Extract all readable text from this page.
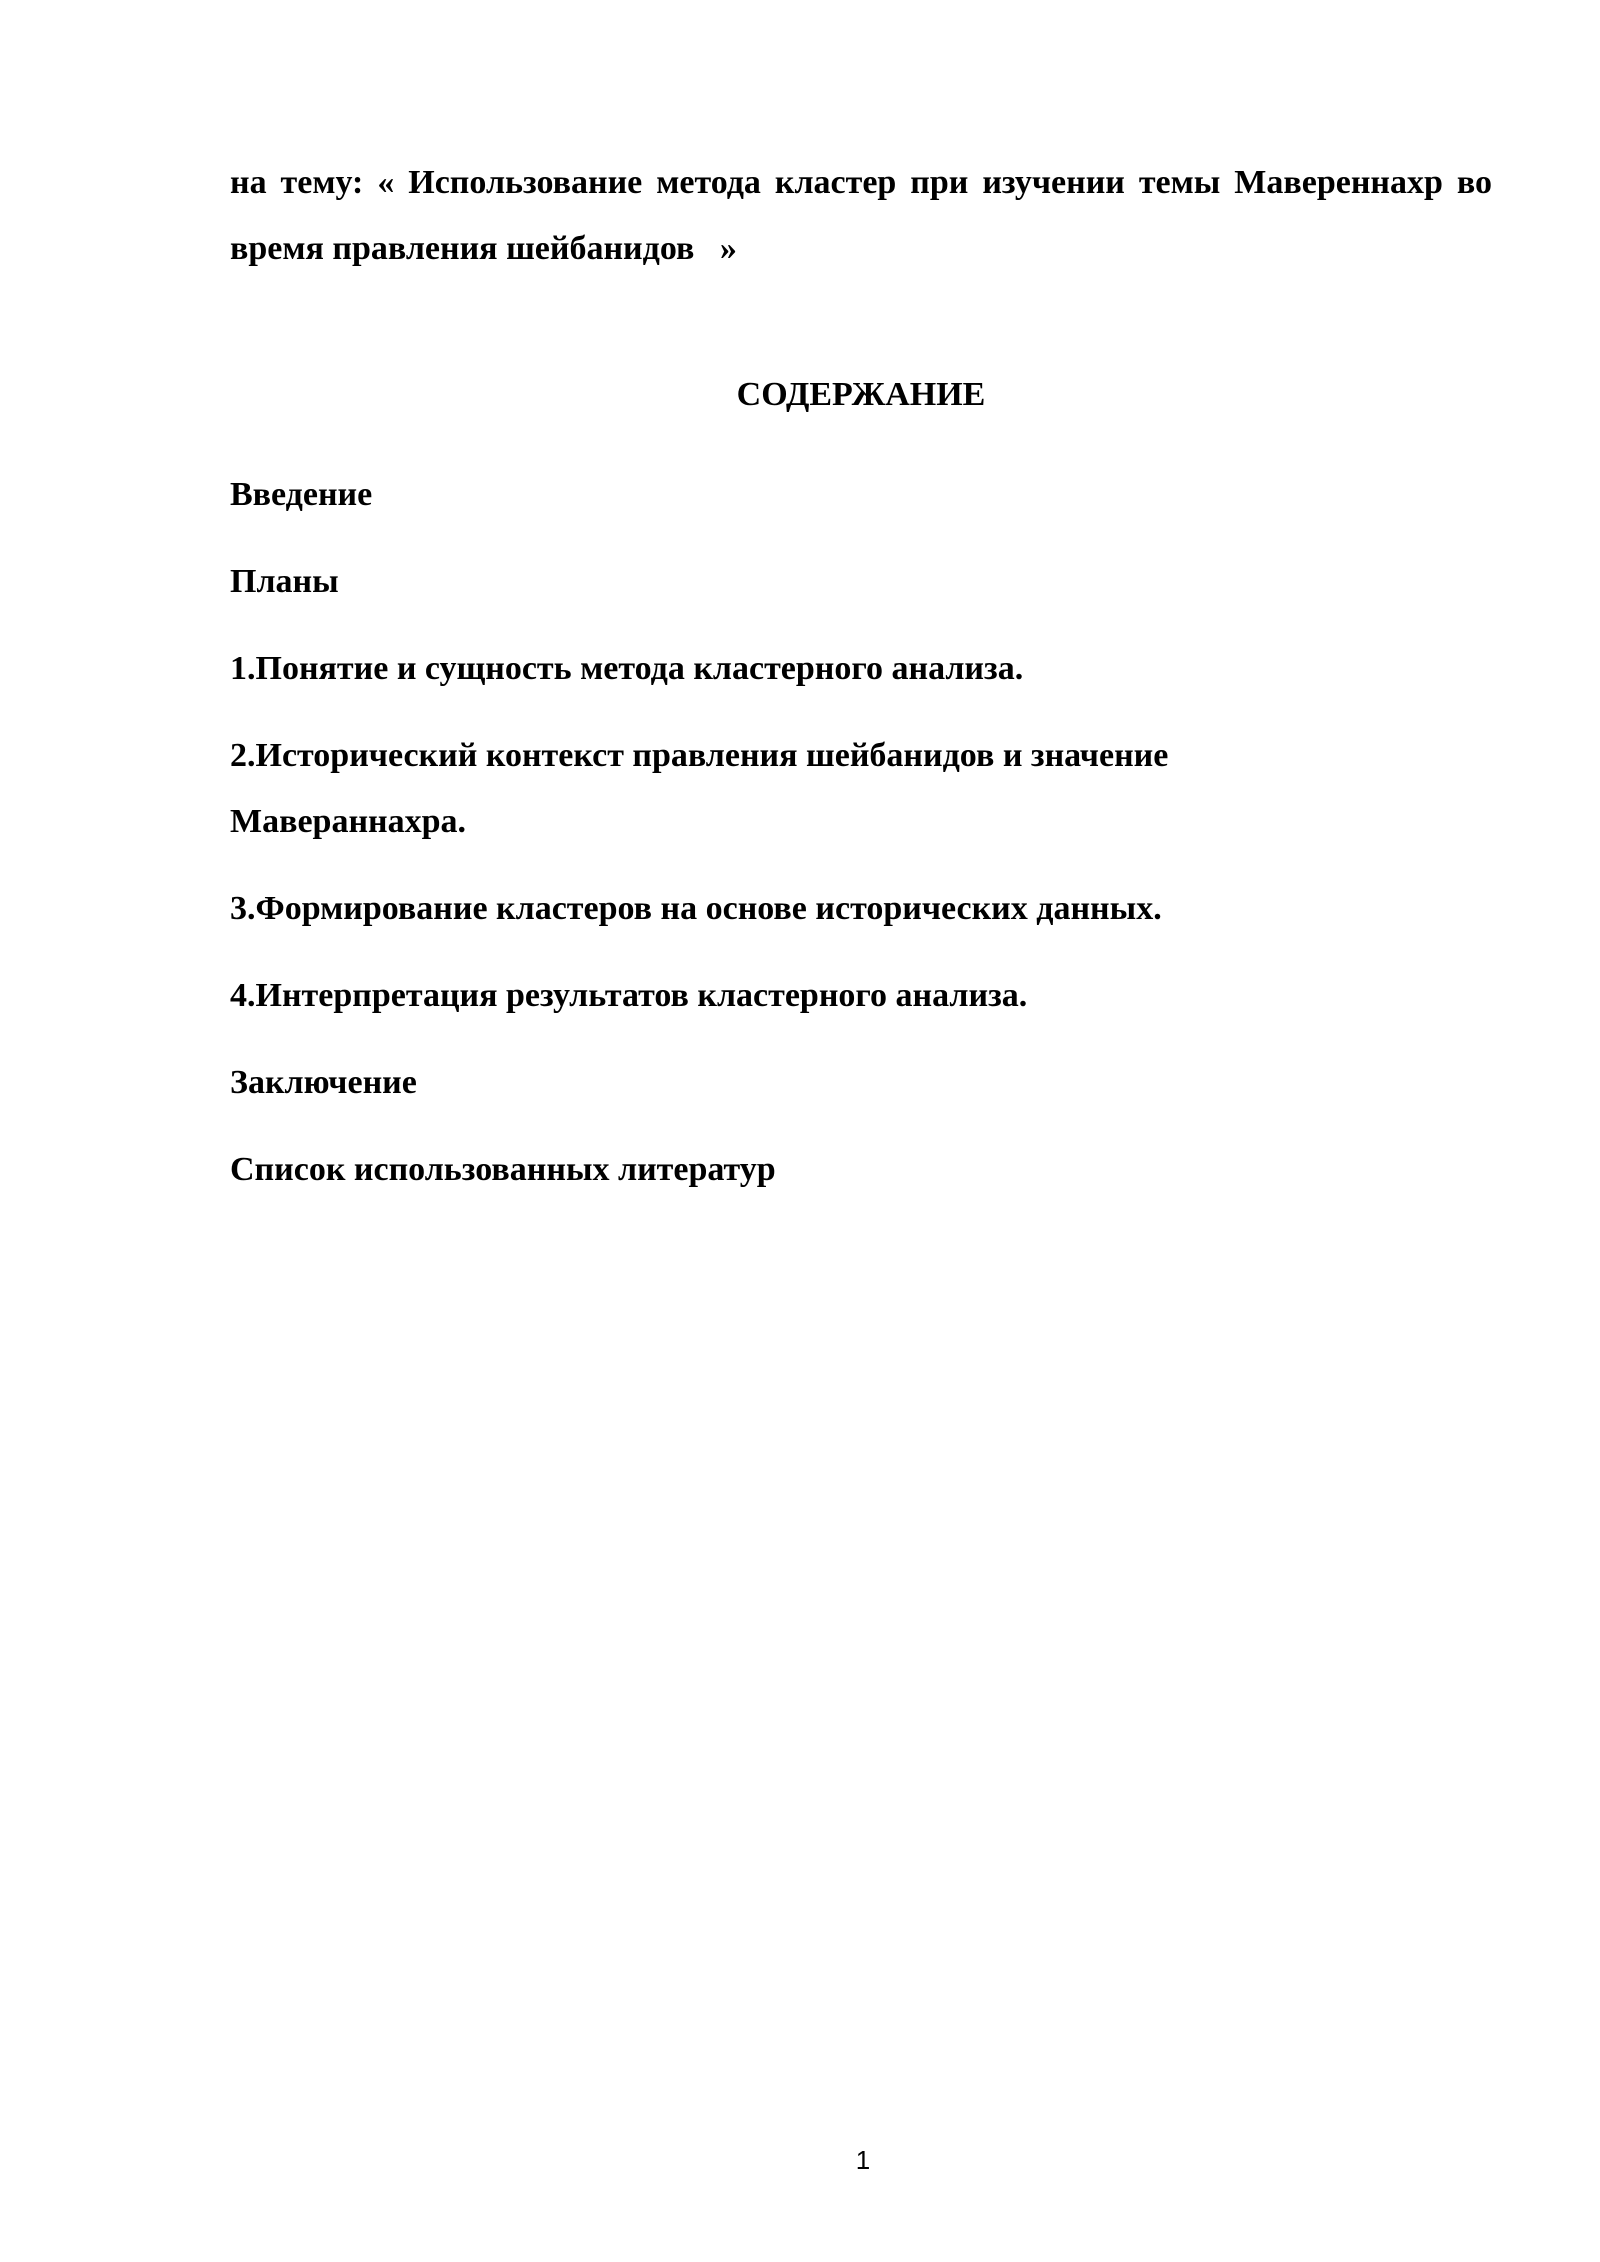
на тему: « Использование метода кластер при изучении темы Мавереннахр во время правления шейбанидов   »

СОДЕРЖАНИЕ
Введение
Планы
1.Понятие и сущность метода кластерного анализа.
2.Исторический контекст правления шейбанидов и значение Мавераннахра.
3.Формирование кластеров на основе исторических данных.
4.Интерпретация результатов кластерного анализа.
Заключение
Список использованных литератур
1
